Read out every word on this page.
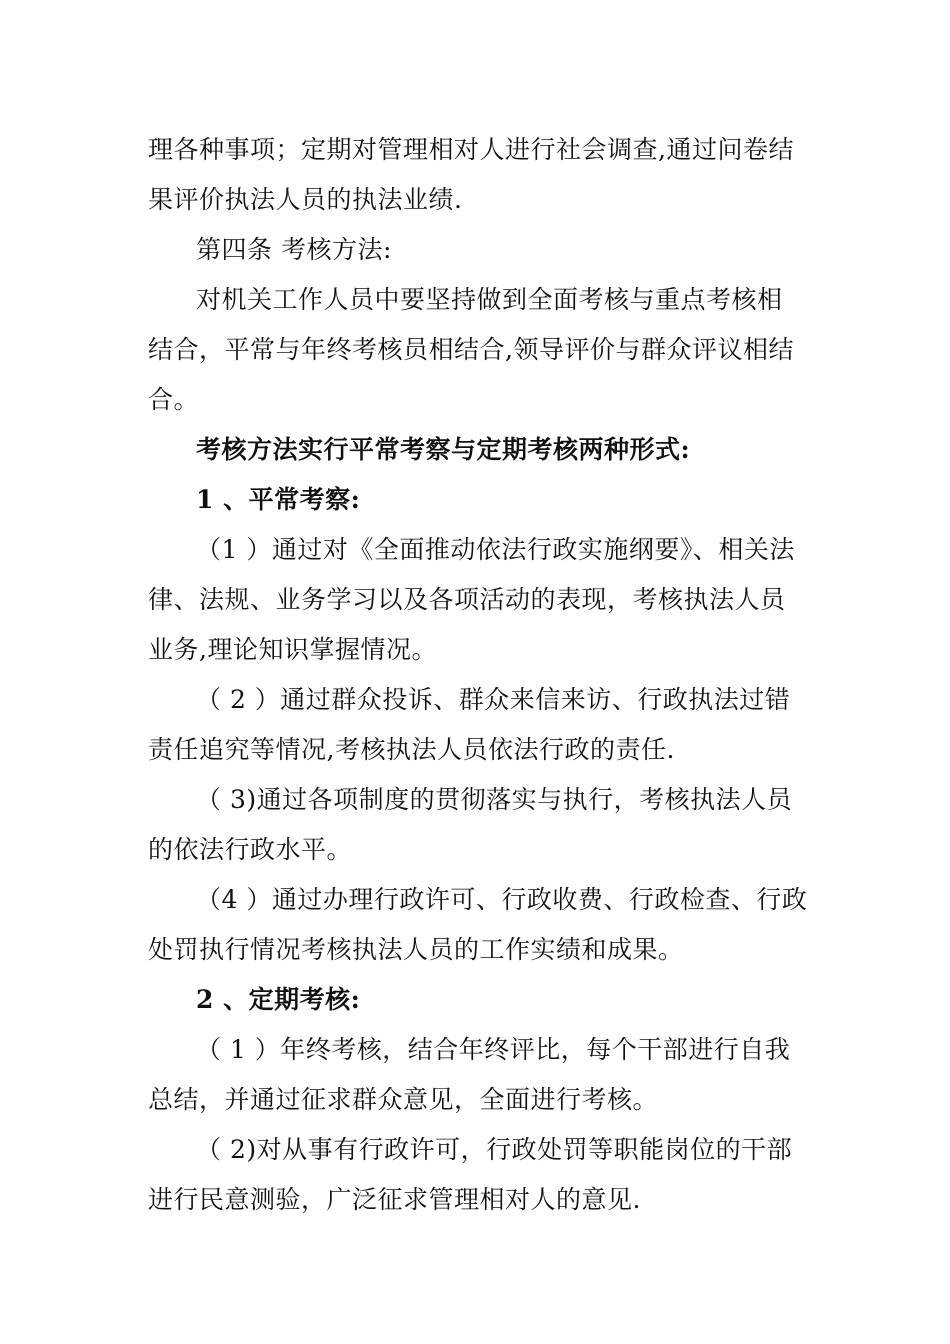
理各种事项；定期对管理相对人进行社会调查,通过问卷结
果评价执法人员的执法业绩.
第四条 考核方法:
对机关工作人员中要坚持做到全面考核与重点考核相
结合，平常与年终考核员相结合,领导评价与群众评议相结
合。
考核方法实行平常考察与定期考核两种形式:
1 、平常考察:
（1 ）通过对《全面推动依法行政实施纲要》、相关法
律、法规、业务学习以及各项活动的表现，考核执法人员
业务,理论知识掌握情况。
（ 2 ）通过群众投诉、群众来信来访、行政执法过错
责任追究等情况,考核执法人员依法行政的责任.
（ 3)通过各项制度的贯彻落实与执行，考核执法人员
的依法行政水平。
（4 ）通过办理行政许可、行政收费、行政检查、行政
处罚执行情况考核执法人员的工作实绩和成果。
2 、定期考核:
（ 1 ）年终考核，结合年终评比，每个干部进行自我
总结，并通过征求群众意见，全面进行考核。
（ 2)对从事有行政许可，行政处罚等职能岗位的干部
进行民意测验，广泛征求管理相对人的意见.
